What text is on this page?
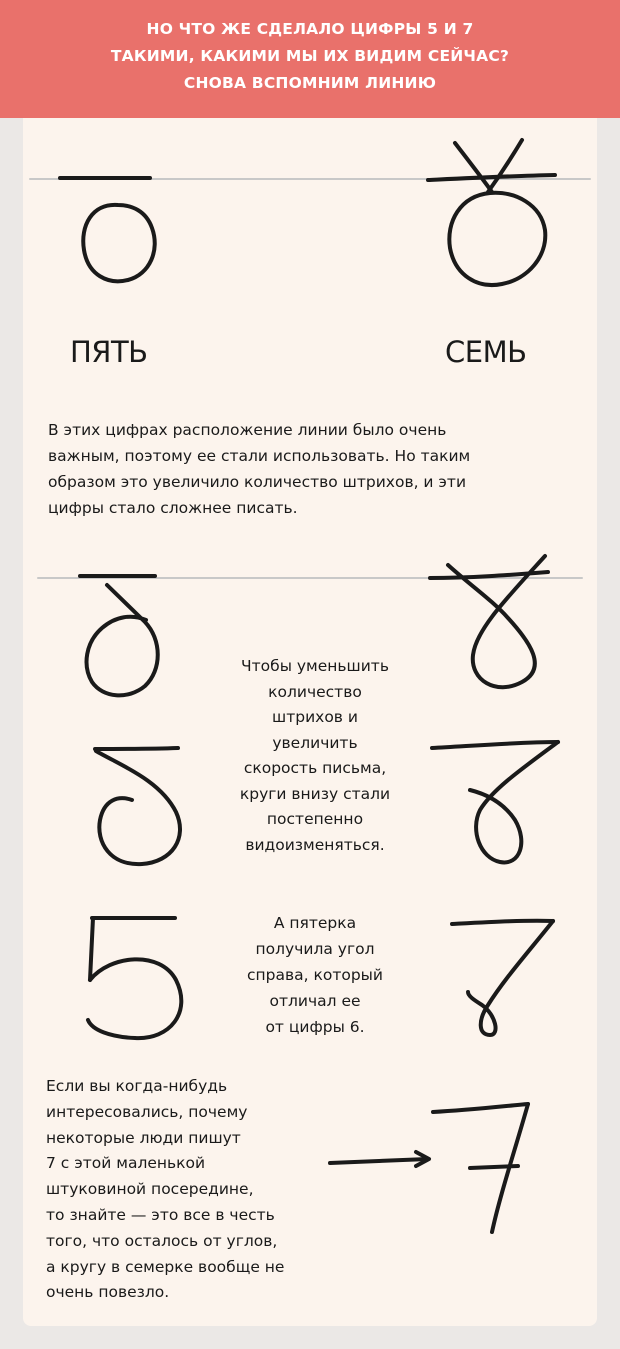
НО ЧТО ЖЕ СДЕЛАЛО ЦИФРЫ 5 И 7
ТАКИМИ, КАКИМИ МЫ ИХ ВИДИМ СЕЙЧАС?
СНОВА ВСПОМНИМ ЛИНИЮ
ПЯТЬ	СЕМЬ
В этих цифрах расположение линии было очень
важным, поэтому ее стали использовать. Но таким
образом это увеличило количество штрихов, и эти
цифры стало сложнее писать.
Чтобы уменьшить
количество
штрихов и
увеличить
скорость письма,
круги внизу стали
постепенно
видоизменяться.
А пятерка
получила угол
справа, который
отличал ее
от цифры 6.
Если вы когда-нибудь
интересовались, почему
некоторые люди пишут
7 с этой маленькой
штуковиной посередине,
то знайте — это все в честь
того, что осталось от углов,
а кругу в семерке вообще не
очень повезло.
